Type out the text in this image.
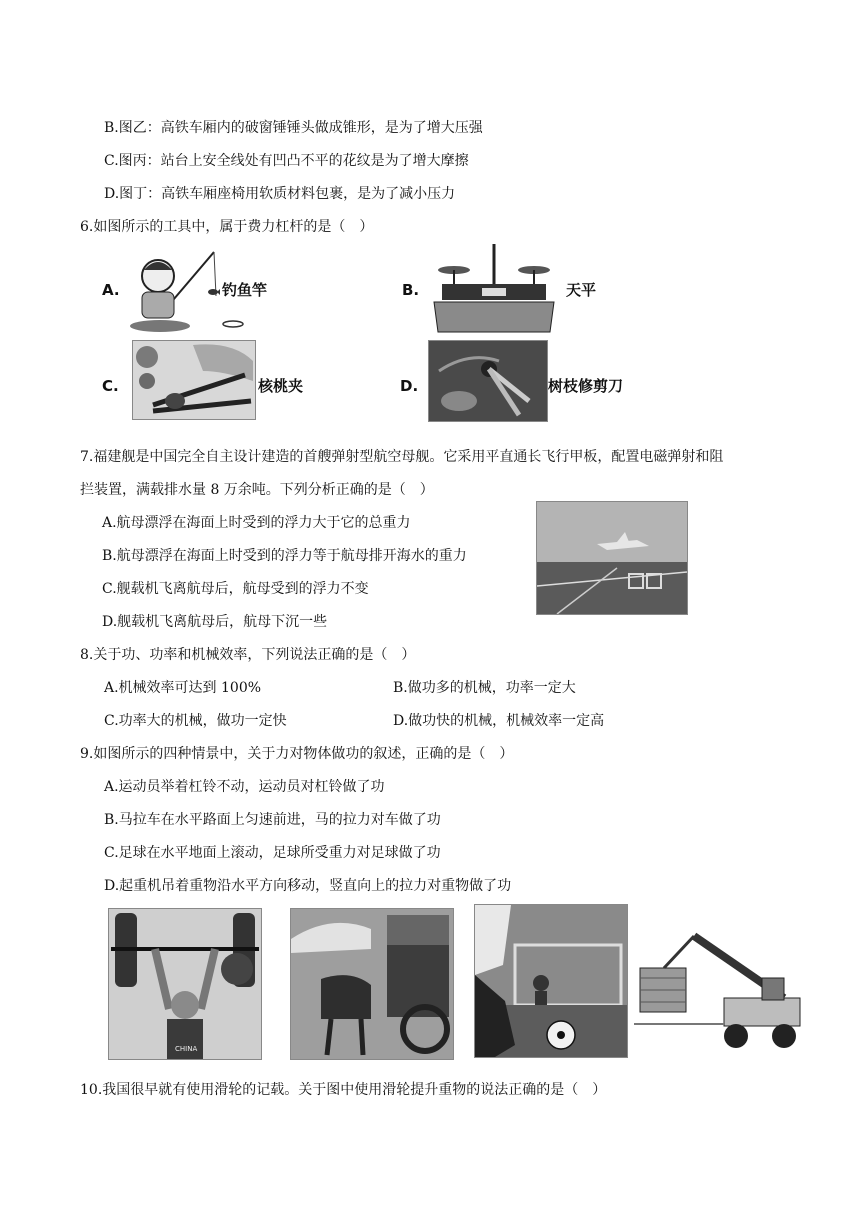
B.图乙：高铁车厢内的破窗锤锤头做成锥形，是为了增大压强
C.图丙：站台上安全线处有凹凸不平的花纹是为了增大摩擦
D.图丁：高铁车厢座椅用软质材料包裹，是为了减小压力
6.如图所示的工具中，属于费力杠杆的是（　）
A.	钓鱼竿	B.	天平
C.	核桃夹	D.	树枝修剪刀
7.福建舰是中国完全自主设计建造的首艘弹射型航空母舰。它采用平直通长飞行甲板，配置电磁弹射和阻
拦装置，满载排水量 8 万余吨。下列分析正确的是（　）
A.航母漂浮在海面上时受到的浮力大于它的总重力
B.航母漂浮在海面上时受到的浮力等于航母排开海水的重力
C.舰载机飞离航母后，航母受到的浮力不变
D.舰载机飞离航母后，航母下沉一些
8.关于功、功率和机械效率，下列说法正确的是（　）
A.机械效率可达到 100%	B.做功多的机械，功率一定大
C.功率大的机械，做功一定快	D.做功快的机械，机械效率一定高
9.如图所示的四种情景中，关于力对物体做功的叙述，正确的是（　）
A.运动员举着杠铃不动，运动员对杠铃做了功
B.马拉车在水平路面上匀速前进，马的拉力对车做了功
C.足球在水平地面上滚动，足球所受重力对足球做了功
D.起重机吊着重物沿水平方向移动，竖直向上的拉力对重物做了功
CHINA
10.我国很早就有使用滑轮的记载。关于图中使用滑轮提升重物的说法正确的是（　）
